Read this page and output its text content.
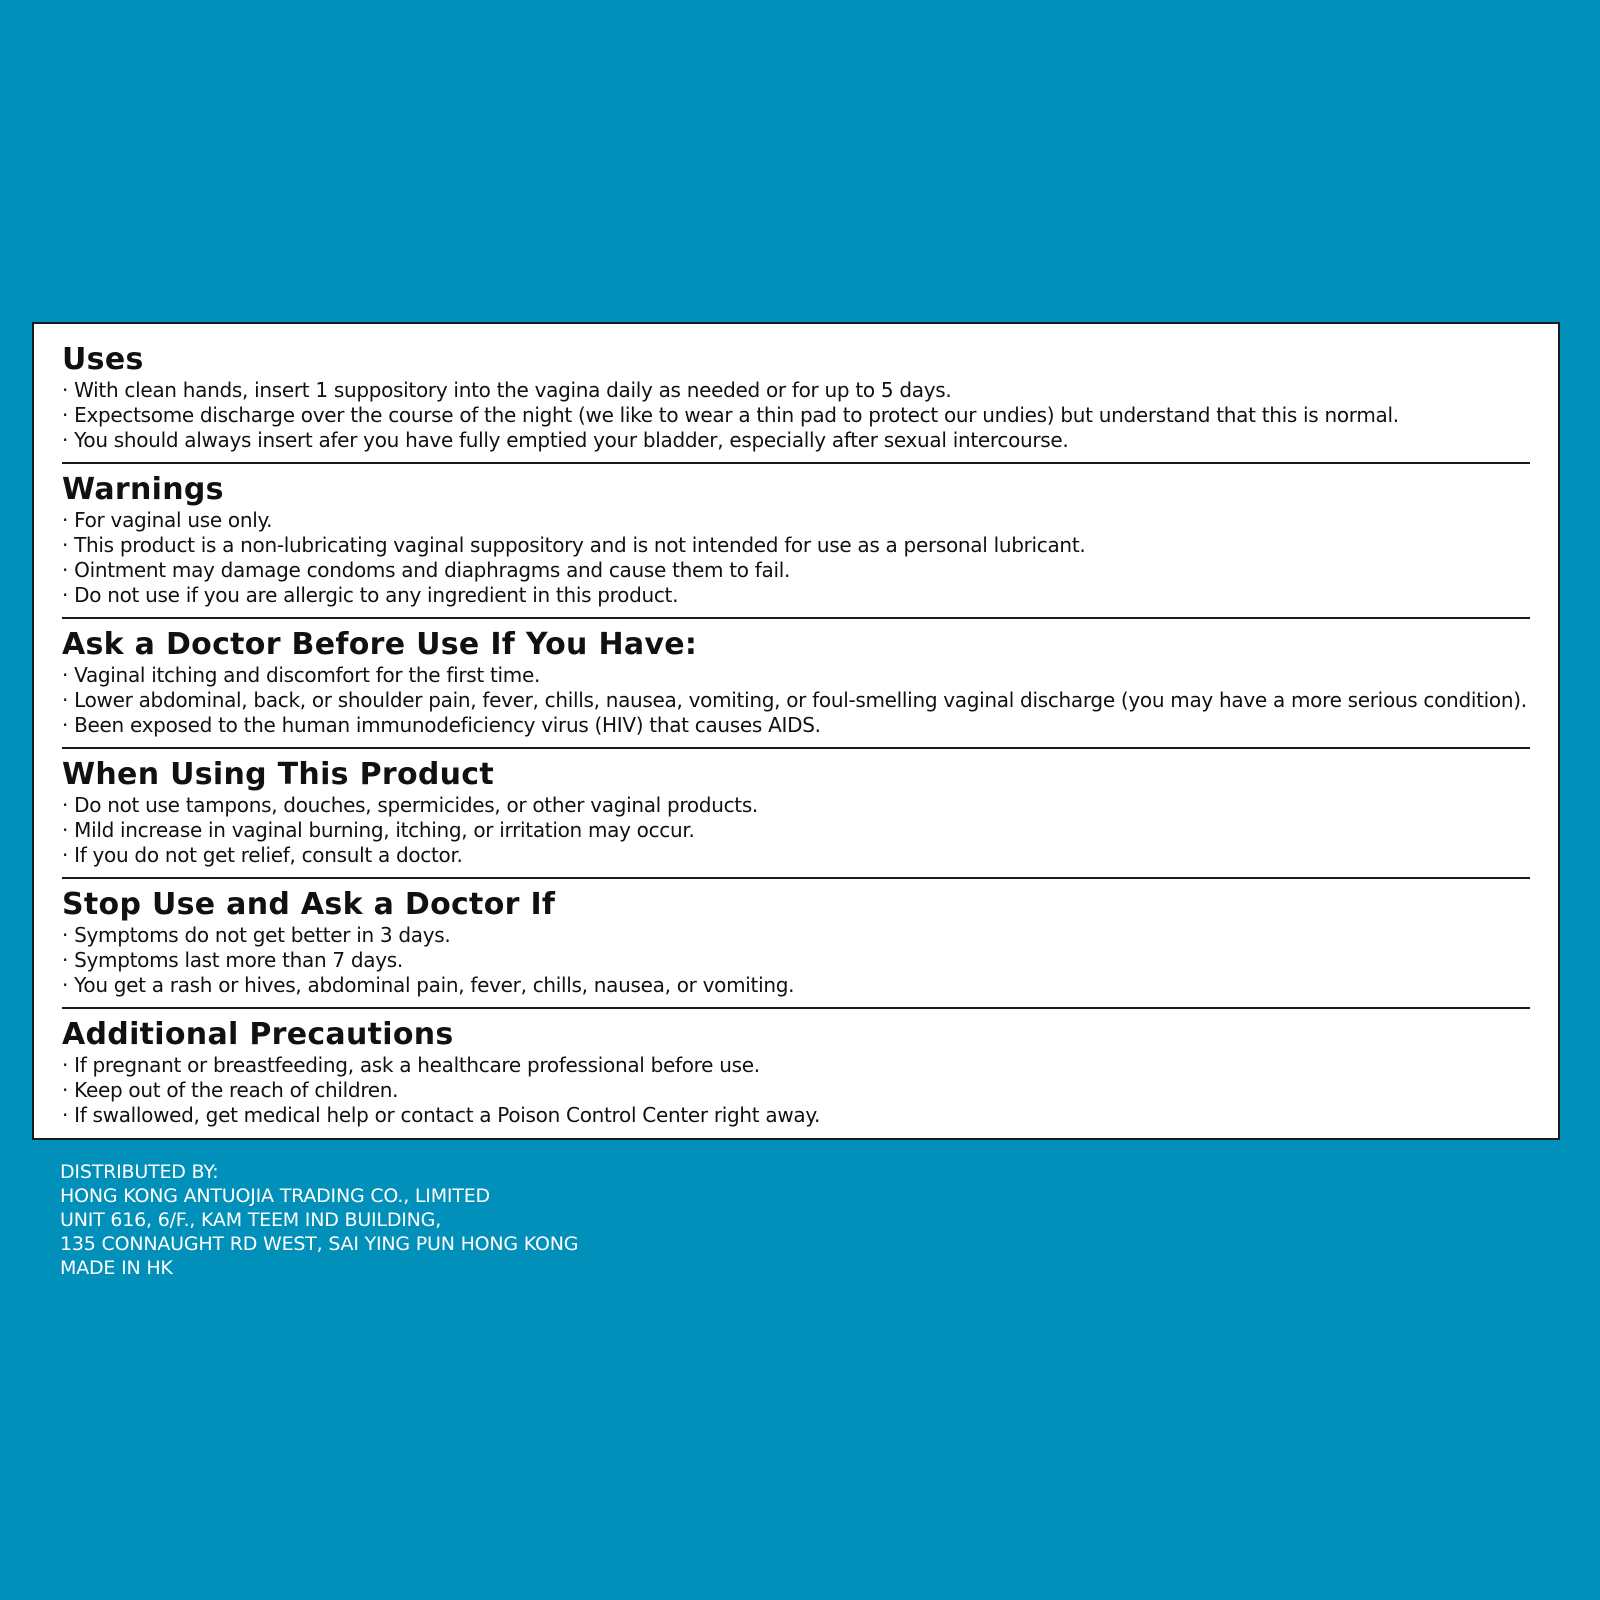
Uses
· With clean hands, insert 1 suppository into the vagina daily as needed or for up to 5 days.
· Expectsome discharge over the course of the night (we like to wear a thin pad to protect our undies) but understand that this is normal.
· You should always insert afer you have fully emptied your bladder, especially after sexual intercourse.
Warnings
· For vaginal use only.
· This product is a non-lubricating vaginal suppository and is not intended for use as a personal lubricant.
· Ointment may damage condoms and diaphragms and cause them to fail.
· Do not use if you are allergic to any ingredient in this product.
Ask a Doctor Before Use If You Have:
· Vaginal itching and discomfort for the first time.
· Lower abdominal, back, or shoulder pain, fever, chills, nausea, vomiting, or foul-smelling vaginal discharge (you may have a more serious condition).
· Been exposed to the human immunodeficiency virus (HIV) that causes AIDS.
When Using This Product
· Do not use tampons, douches, spermicides, or other vaginal products.
· Mild increase in vaginal burning, itching, or irritation may occur.
· If you do not get relief, consult a doctor.
Stop Use and Ask a Doctor If
· Symptoms do not get better in 3 days.
· Symptoms last more than 7 days.
· You get a rash or hives, abdominal pain, fever, chills, nausea, or vomiting.
Additional Precautions
· If pregnant or breastfeeding, ask a healthcare professional before use.
· Keep out of the reach of children.
· If swallowed, get medical help or contact a Poison Control Center right away.
DISTRIBUTED BY:
HONG KONG ANTUOJIA TRADING CO., LIMITED
UNIT 616, 6/F., KAM TEEM IND BUILDING,
135 CONNAUGHT RD WEST, SAI YING PUN HONG KONG
MADE IN HK
